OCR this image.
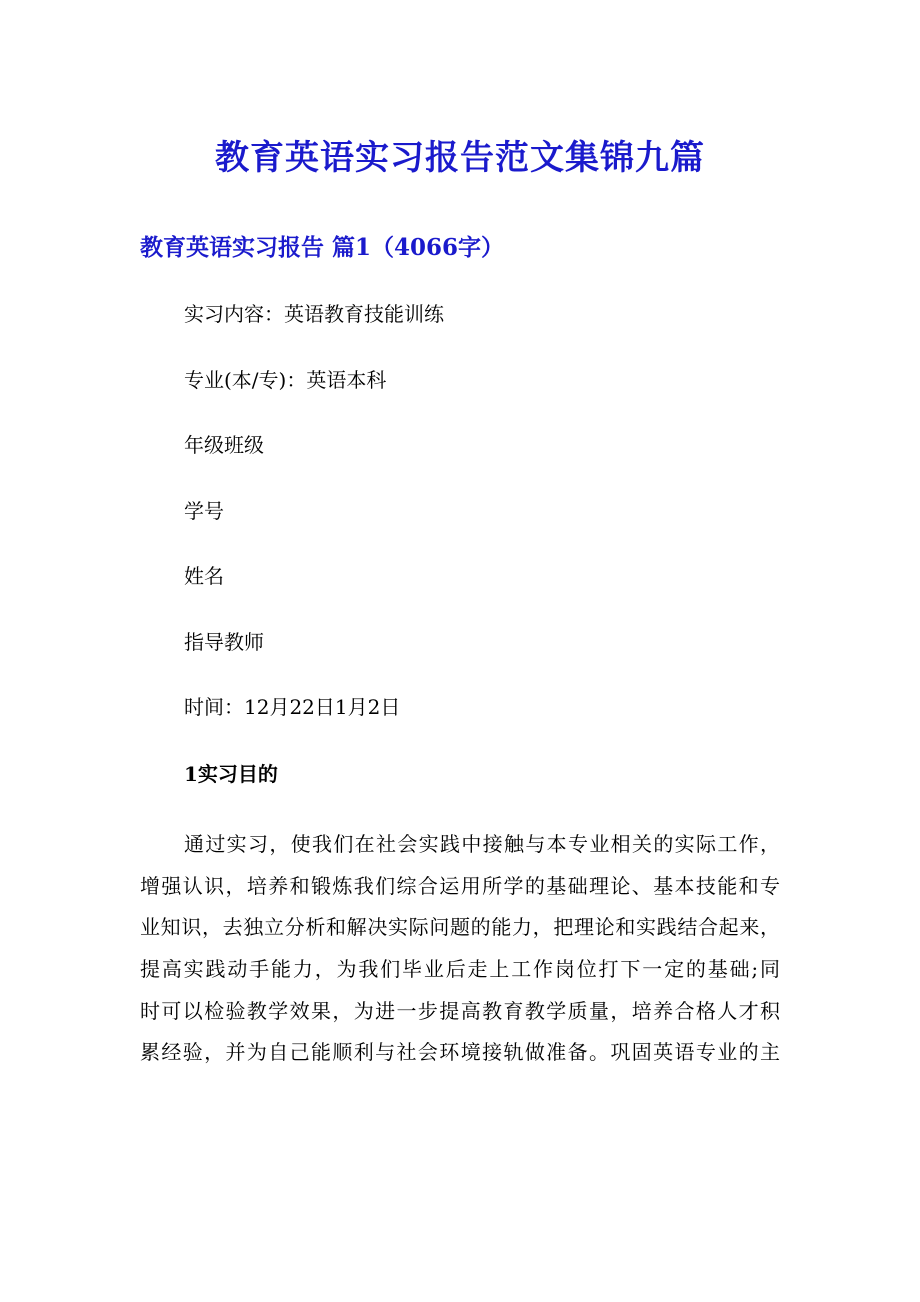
教育英语实习报告范文集锦九篇
教育英语实习报告 篇1（4066字）

实习内容：英语教育技能训练

专业(本/专)：英语本科

年级班级

学号

姓名

指导教师

时间：12月22日1月2日

1实习目的
通过实习，使我们在社会实践中接触与本专业相关的实际工作，
增强认识，培养和锻炼我们综合运用所学的基础理论、基本技能和专
业知识，去独立分析和解决实际问题的能力，把理论和实践结合起来，
提高实践动手能力，为我们毕业后走上工作岗位打下一定的基础;同
时可以检验教学效果，为进一步提高教育教学质量，培养合格人才积
累经验，并为自己能顺利与社会环境接轨做准备。巩固英语专业的主
